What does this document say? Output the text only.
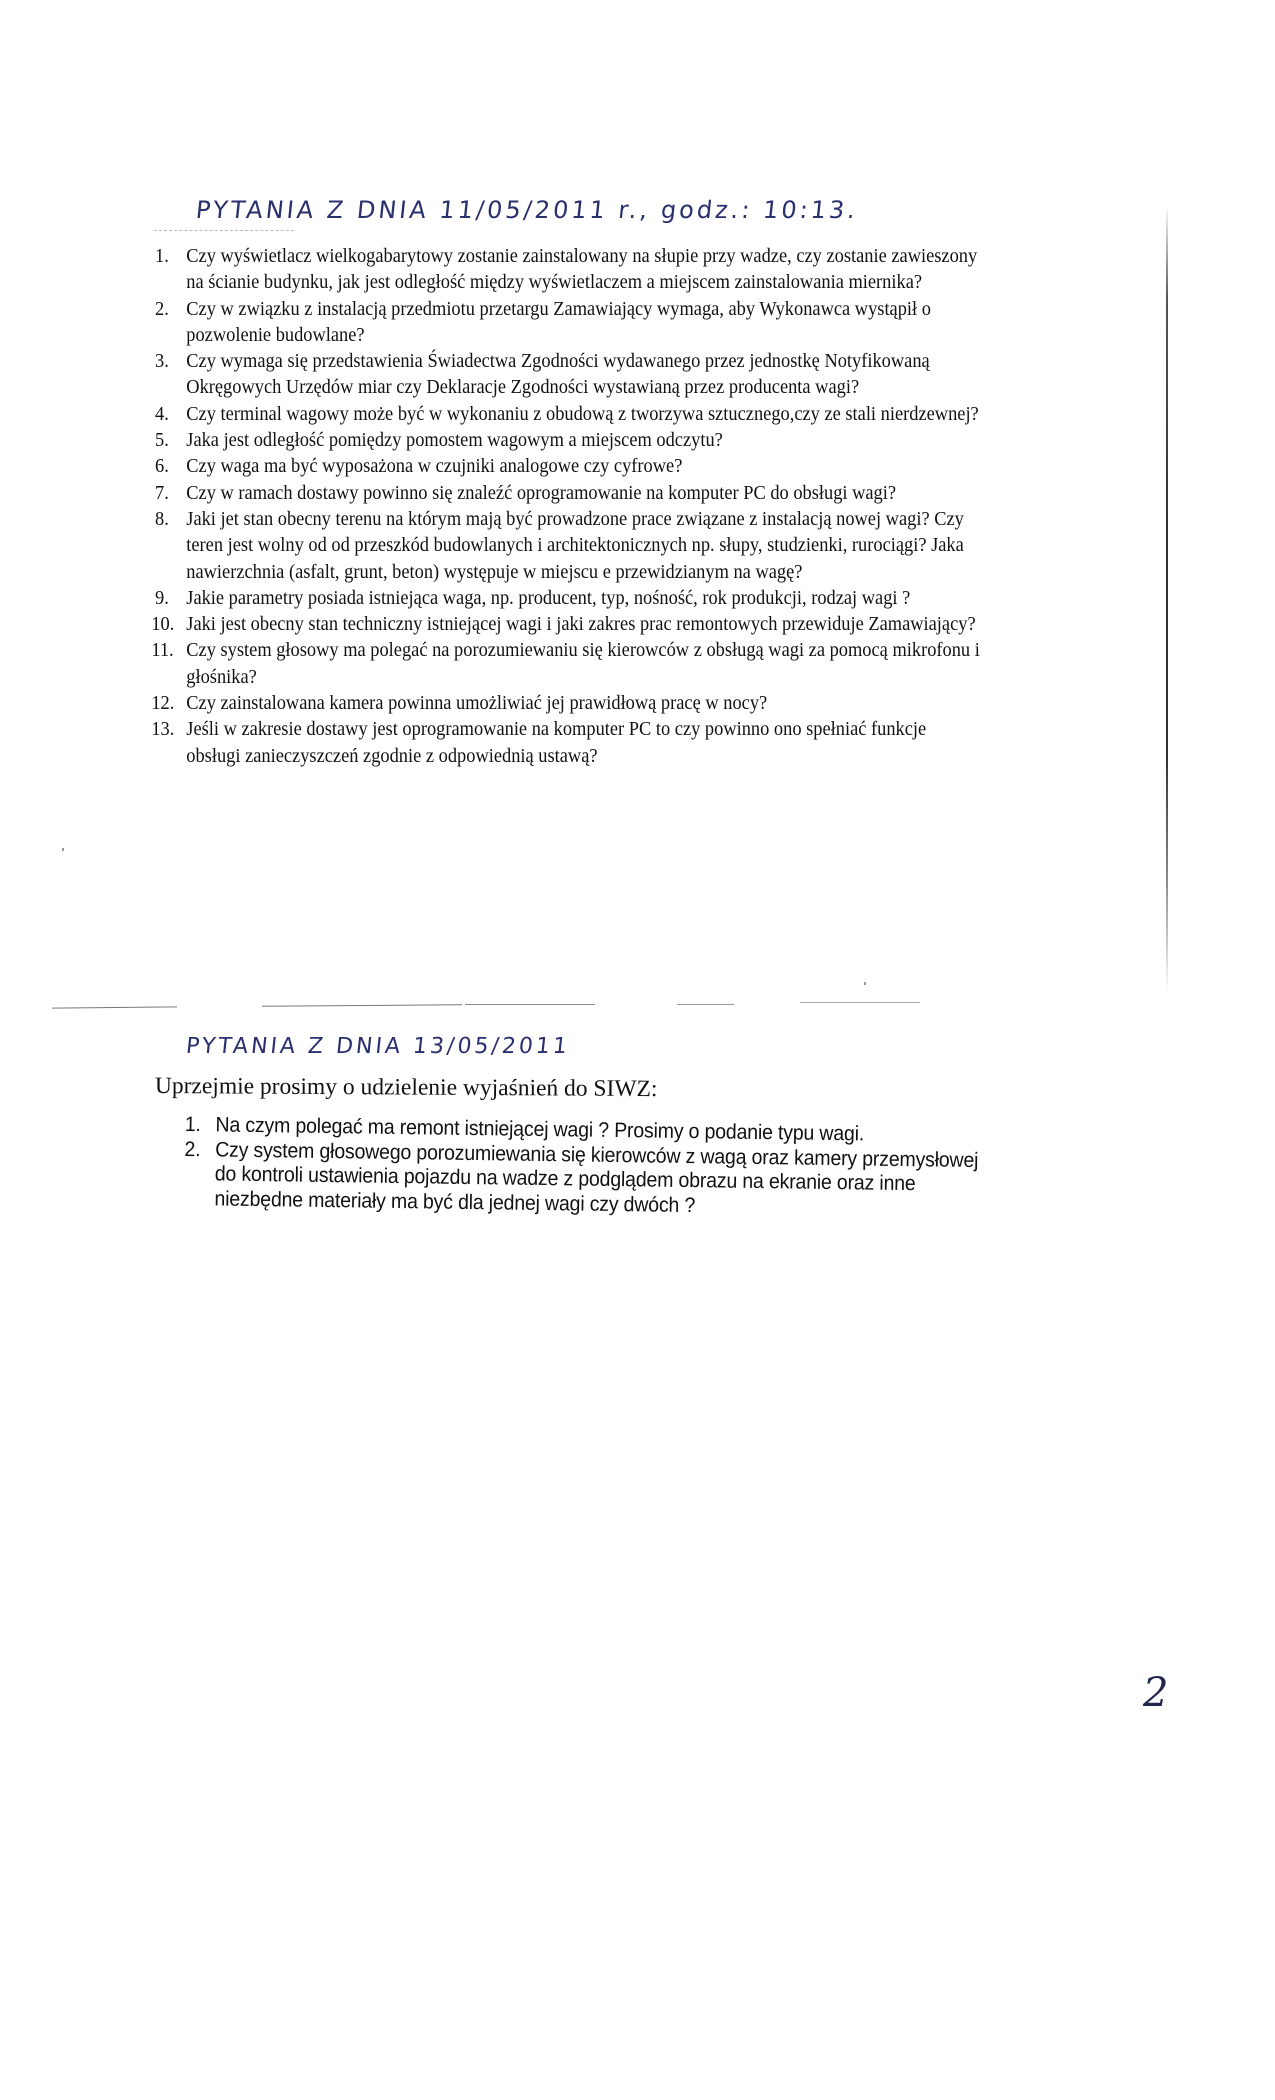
PYTANIA Z DNIA 11/05/2011 r., godz.: 10:13.
1. Czy wyświetlacz wielkogabarytowy zostanie zainstalowany na słupie przy wadze, czy zostanie zawieszony na ścianie budynku, jak jest odległość między wyświetlaczem a miejscem zainstalowania miernika?
2. Czy w związku z instalacją przedmiotu przetargu Zamawiający wymaga, aby Wykonawca wystąpił o pozwolenie budowlane?
3. Czy wymaga się przedstawienia Świadectwa Zgodności wydawanego przez jednostkę Notyfikowaną Okręgowych Urzędów miar czy Deklaracje Zgodności wystawianą przez producenta wagi?
4. Czy terminal wagowy może być w wykonaniu z obudową z tworzywa sztucznego,czy ze stali nierdzewnej?
5. Jaka jest odległość pomiędzy pomostem wagowym a miejscem odczytu?
6. Czy waga ma być wyposażona w czujniki analogowe czy cyfrowe?
7. Czy w ramach dostawy powinno się znaleźć oprogramowanie na komputer PC do obsługi wagi?
8. Jaki jet stan obecny terenu na którym mają być prowadzone prace związane z instalacją nowej wagi? Czy teren jest wolny od od przeszkód budowlanych i architektonicznych np. słupy, studzienki, rurociągi? Jaka nawierzchnia (asfalt, grunt, beton) występuje w miejscu e przewidzianym na wagę?
9. Jakie parametry posiada istniejąca waga, np. producent, typ, nośność, rok produkcji, rodzaj wagi ?
10. Jaki jest obecny stan techniczny istniejącej wagi i jaki zakres prac remontowych przewiduje Zamawiający?
11. Czy system głosowy ma polegać na porozumiewaniu się kierowców z obsługą wagi za pomocą mikrofonu i głośnika?
12. Czy zainstalowana kamera powinna umożliwiać jej prawidłową pracę w nocy?
13. Jeśli w zakresie dostawy jest oprogramowanie na komputer PC to czy powinno ono spełniać funkcje obsługi zanieczyszczeń zgodnie z odpowiednią ustawą?
PYTANIA Z DNIA 13/05/2011
Uprzejmie prosimy o udzielenie wyjaśnień do SIWZ:
1. Na czym polegać ma remont istniejącej wagi ? Prosimy o podanie typu wagi.
2. Czy system głosowego porozumiewania się kierowców z wagą oraz kamery przemysłowej do kontroli ustawienia pojazdu na wadze z podglądem obrazu na ekranie oraz inne niezbędne materiały ma być dla jednej wagi czy dwóch ?
2
